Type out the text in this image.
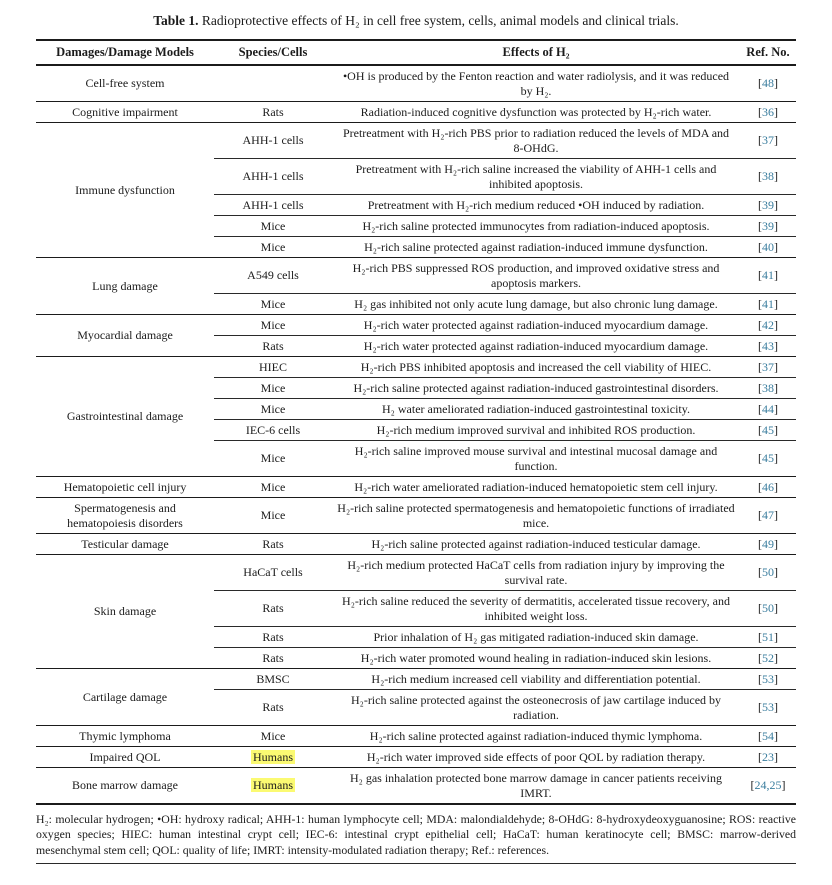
Table 1. Radioprotective effects of H₂ in cell free system, cells, animal models and clinical trials.
Damages/Damage Models	Species/Cells	Effects of H₂	Ref. No.
Cell-free system		•OH is produced by the Fenton reaction and water radiolysis, and it was reduced by H₂.	[48]
Cognitive impairment	Rats	Radiation-induced cognitive dysfunction was protected by H₂-rich water.	[36]
Immune dysfunction	AHH-1 cells	Pretreatment with H₂-rich PBS prior to radiation reduced the levels of MDA and 8-OHdG.	[37]
	AHH-1 cells	Pretreatment with H₂-rich saline increased the viability of AHH-1 cells and inhibited apoptosis.	[38]
	AHH-1 cells	Pretreatment with H₂-rich medium reduced •OH induced by radiation.	[39]
	Mice	H₂-rich saline protected immunocytes from radiation-induced apoptosis.	[39]
	Mice	H₂-rich saline protected against radiation-induced immune dysfunction.	[40]
Lung damage	A549 cells	H₂-rich PBS suppressed ROS production, and improved oxidative stress and apoptosis markers.	[41]
	Mice	H₂ gas inhibited not only acute lung damage, but also chronic lung damage.	[41]
Myocardial damage	Mice	H₂-rich water protected against radiation-induced myocardium damage.	[42]
	Rats	H₂-rich water protected against radiation-induced myocardium damage.	[43]
Gastrointestinal damage	HIEC	H₂-rich PBS inhibited apoptosis and increased the cell viability of HIEC.	[37]
	Mice	H₂-rich saline protected against radiation-induced gastrointestinal disorders.	[38]
	Mice	H₂ water ameliorated radiation-induced gastrointestinal toxicity.	[44]
	IEC-6 cells	H₂-rich medium improved survival and inhibited ROS production.	[45]
	Mice	H₂-rich saline improved mouse survival and intestinal mucosal damage and function.	[45]
Hematopoietic cell injury	Mice	H₂-rich water ameliorated radiation-induced hematopoietic stem cell injury.	[46]
Spermatogenesis and hematopoiesis disorders	Mice	H₂-rich saline protected spermatogenesis and hematopoietic functions of irradiated mice.	[47]
Testicular damage	Rats	H₂-rich saline protected against radiation-induced testicular damage.	[49]
Skin damage	HaCaT cells	H₂-rich medium protected HaCaT cells from radiation injury by improving the survival rate.	[50]
	Rats	H₂-rich saline reduced the severity of dermatitis, accelerated tissue recovery, and inhibited weight loss.	[50]
	Rats	Prior inhalation of H₂ gas mitigated radiation-induced skin damage.	[51]
	Rats	H₂-rich water promoted wound healing in radiation-induced skin lesions.	[52]
Cartilage damage	BMSC	H₂-rich medium increased cell viability and differentiation potential.	[53]
	Rats	H₂-rich saline protected against the osteonecrosis of jaw cartilage induced by radiation.	[53]
Thymic lymphoma	Mice	H₂-rich saline protected against radiation-induced thymic lymphoma.	[54]
Impaired QOL	Humans	H₂-rich water improved side effects of poor QOL by radiation therapy.	[23]
Bone marrow damage	Humans	H₂ gas inhalation protected bone marrow damage in cancer patients receiving IMRT.	[24,25]
H₂: molecular hydrogen; •OH: hydroxy radical; AHH-1: human lymphocyte cell; MDA: malondialdehyde; 8-OHdG: 8-hydroxydeoxyguanosine; ROS: reactive oxygen species; HIEC: human intestinal crypt cell; IEC-6: intestinal crypt epithelial cell; HaCaT: human keratinocyte cell; BMSC: marrow-derived mesenchymal stem cell; QOL: quality of life; IMRT: intensity-modulated radiation therapy; Ref.: references.
